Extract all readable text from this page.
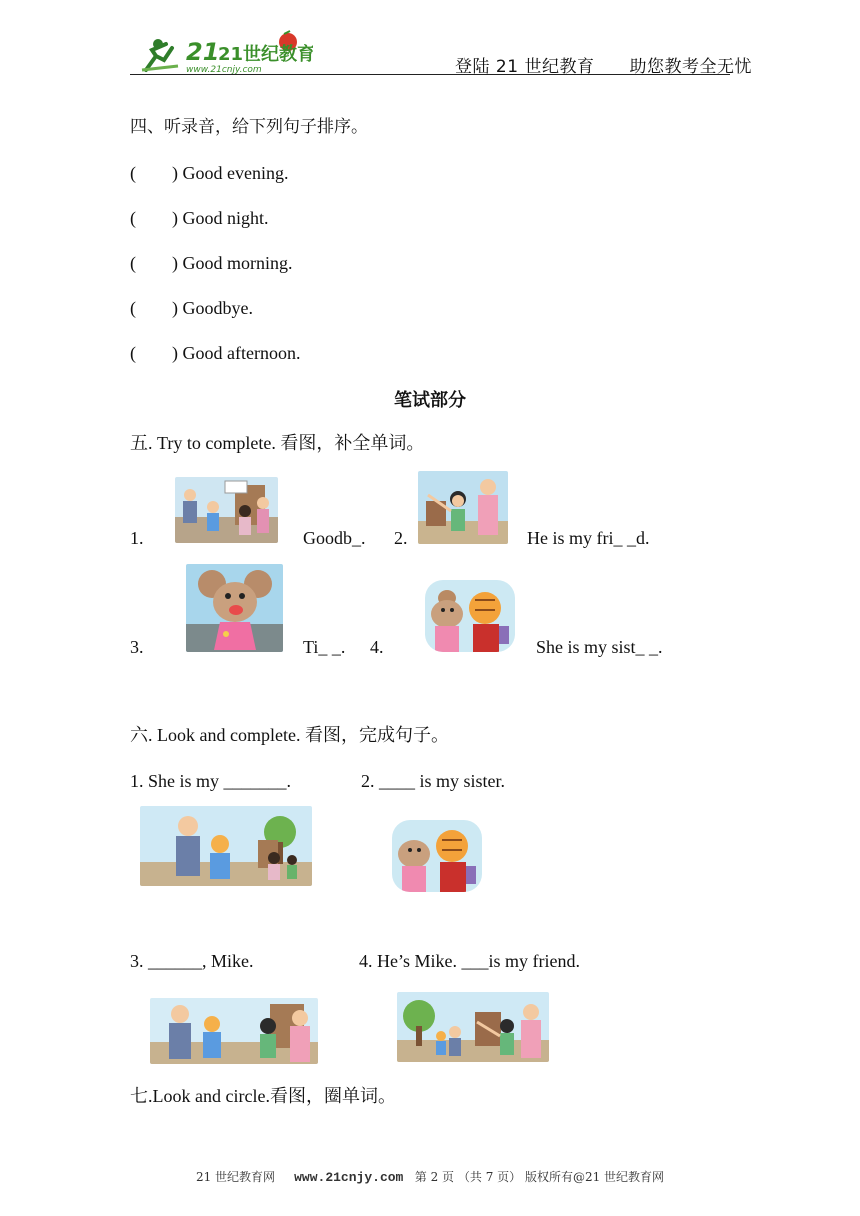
21
21世纪教育
www.21cnjy.com	登陆 21 世纪教育　　助您教考全无忧
四、听录音，给下列句子排序。
(　　) Good evening.
(　　) Good night.
(　　) Good morning.
(　　) Goodbye.
(　　) Good afternoon.
笔试部分
五. Try to complete. 看图，补全单词。
1.	Goodb_. 2.	He is my fri_ _d.
3.	Ti_ _. 4.	She is my sist_ _.
六. Look and complete. 看图，完成句子。
1. She is my _______.	2. ____ is my sister.
3. ______, Mike.	4. He’s Mike. ___is my friend.
七.Look and circle.看图，圈单词。
21 世纪教育网 www.21cnjy.com 第 2 页 （共 7 页） 版权所有@21 世纪教育网
